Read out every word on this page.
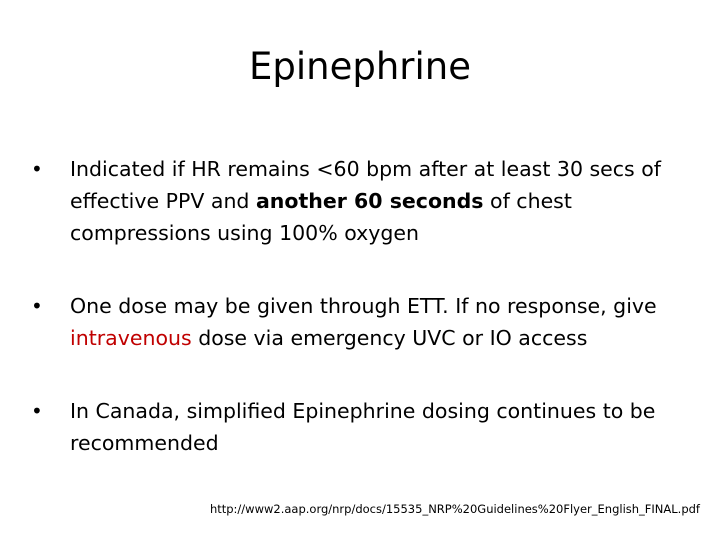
Epinephrine
• Indicated if HR remains <60 bpm after at least 30 secs of effective PPV and another 60 seconds of chest compressions using 100% oxygen
• One dose may be given through ETT. If no response, give intravenous dose via emergency UVC or IO access
• In Canada, simplified Epinephrine dosing continues to be recommended
http://www2.aap.org/nrp/docs/15535_NRP%20Guidelines%20Flyer_English_FINAL.pdf
